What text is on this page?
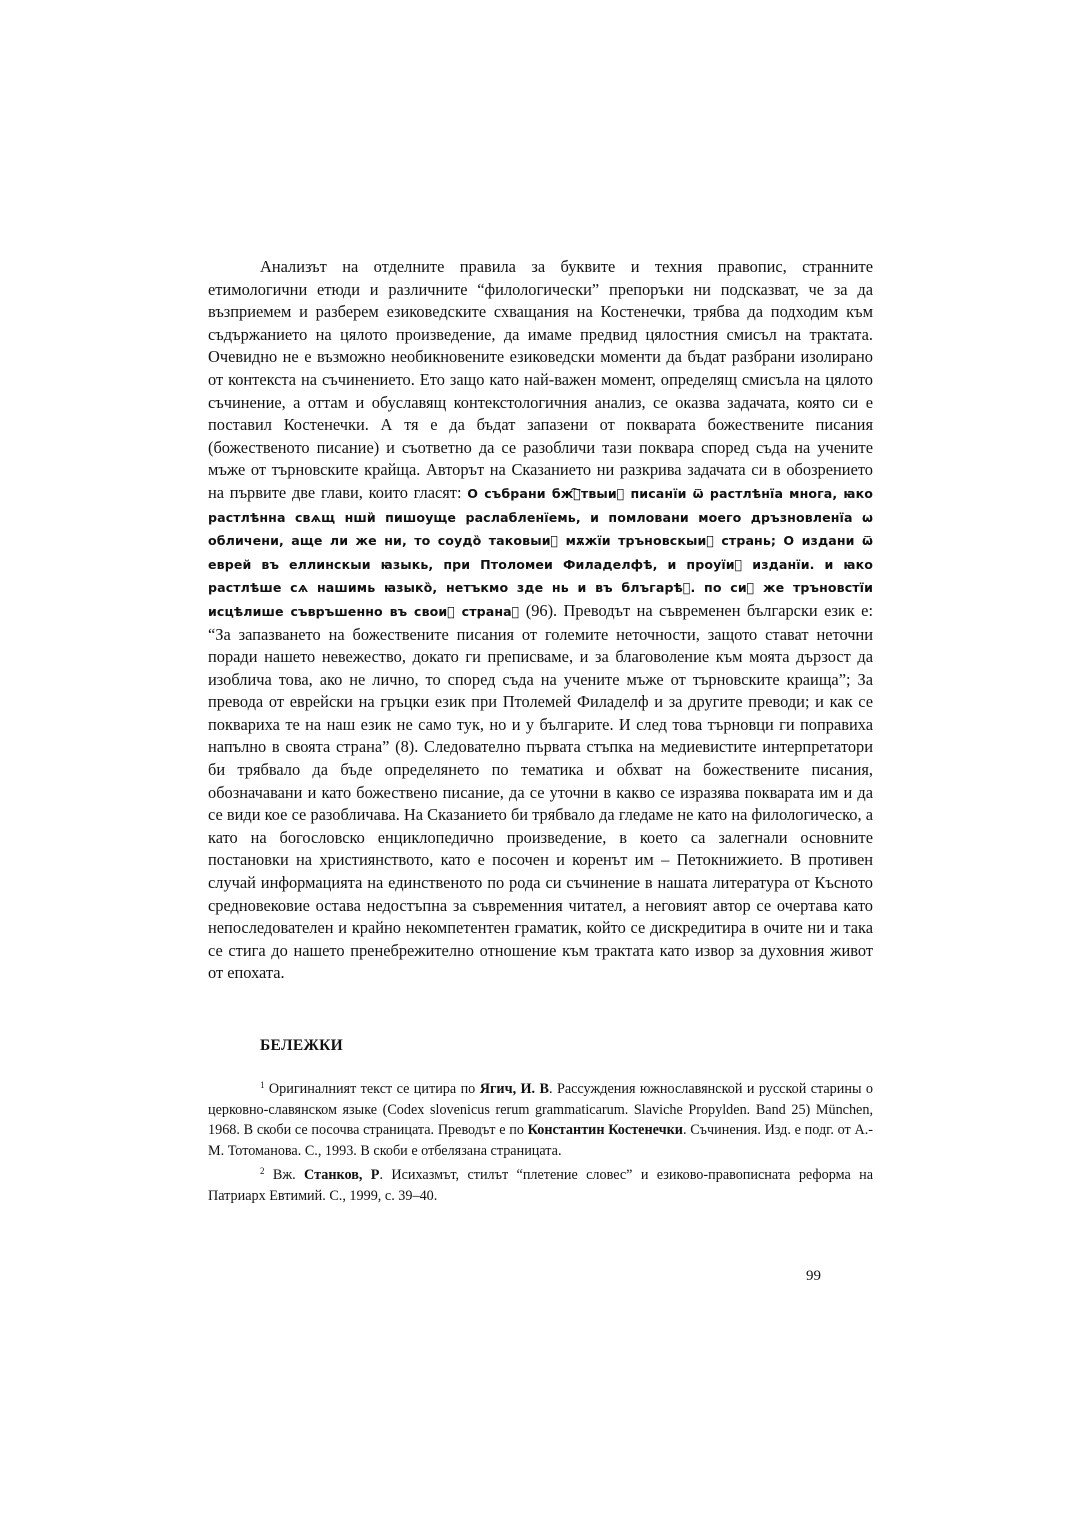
Анализът на отделните правила за буквите и техния правопис, странните етимологични етюди и различните “филологически” препоръки ни подсказват, че за да възприемем и разберем езиковедските схващания на Костенечки, трябва да подходим към съдържанието на цялото произведение, да имаме предвид цялостния смисъл на трактата. Очевидно не е възможно необикновените езиковедски моменти да бъдат разбрани изолирано от контекста на съчинението. Ето защо като най-важен момент, определящ смисъла на цялото съчинение, а оттам и обуславящ контекстологичния анализ, се оказва задачата, която си е поставил Костенечки. А тя е да бъдат запазени от покварата божествените писания (божественото писание) и съответно да се разобличи тази поквара според съда на учените мъже от търновските крайща. Авторът на Сказанието ни разкрива задачата си в обозрението на първите две глави, които гласят: О събрани бжⷭ҇твыиⷯ писанїи ѿ растлѣнїа многа, ꙗко растлѣнна свѧщ нши̏ пишоуще раслабленїемь, и помловани моего дръзновленїа ѡ обличени, аще ли же ни, то соудо̏ таковыиⷯ мѫжїи тръновскыиⷯ странь; О издани ѿ еврей въ еллинскыи ꙗзыкь, при Птоломеи Филаделфѣ, и проуїиⷯ изданїи. и ꙗко растлѣше сѧ нашимь ꙗзыко̏, нетъкмо зде нь и въ блъгарѣⷯ. по сиⷯ же тръновстїи исцѣлише съвръшенно въ своиⷯ странаⷯ (96). Преводът на съвременен български език е: “За запазването на божествените писания от големите неточности, защото стават неточни поради нашето невежество, докато ги преписваме, и за благоволение към моята дързост да изоблича това, ако не лично, то според съда на учените мъже от търновските краища”; За превода от еврейски на гръцки език при Птолемей Филаделф и за другите преводи; и как се поквариха те на наш език не само тук, но и у българите. И след това търновци ги поправиха напълно в своята страна” (8). Следователно първата стъпка на медиевистите интерпретатори би трябвало да бъде определянето по тематика и обхват на божествените писания, обозначавани и като божествено писание, да се уточни в какво се изразява покварата им и да се види кое се разобличава. На Сказанието би трябвало да гледаме не като на филологическо, а като на богословско енциклопедично произведение, в което са залегнали основните постановки на християнството, като е посочен и коренът им – Петокнижието. В противен случай информацията на единственото по рода си съчинение в нашата литература от Късното средновековие остава недостъпна за съвременния читател, а неговият автор се очертава като непоследователен и крайно некомпетентен граматик, който се дискредитира в очите ни и така се стига до нашето пренебрежително отношение към трактата като извор за духовния живот от епохата.

БЕЛЕЖКИ

$^1$ Оригиналният текст се цитира по Ягич, И. В. Рассуждения южнославянской и русской старины о церковно-славянском языке (Codex slovenicus rerum grammaticarum. Slaviche Propylden. Band 25) München, 1968. В скоби се посочва страницата. Преводът е по Константин Костенечки. Съчинения. Изд. е подг. от А.-М. Тотоманова. С., 1993. В скоби е отбелязана страницата.

$^2$ Вж. Станков, Р. Исихазмът, стилът “плетение словес” и езиково-правописната реформа на Патриарх Евтимий. С., 1999, с. 39–40.

99
